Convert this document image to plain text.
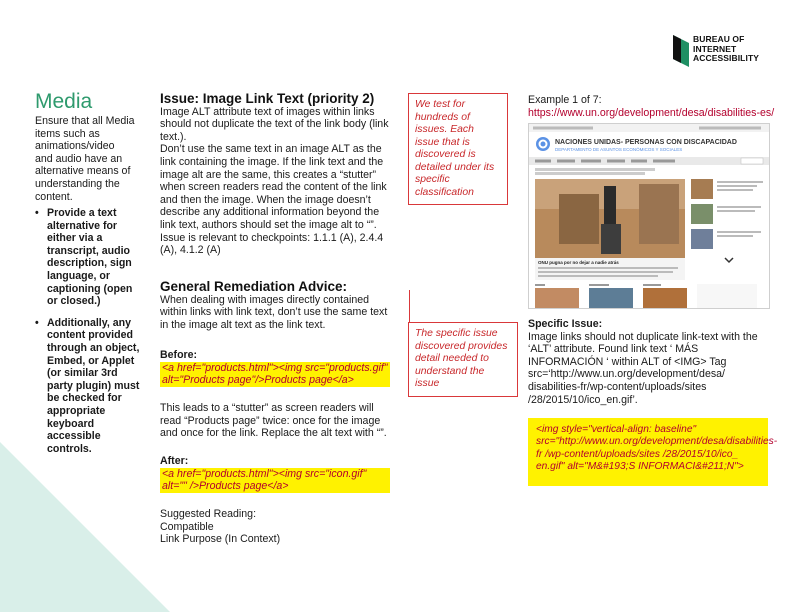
BUREAU OF
INTERNET
ACCESSIBILITY
Media
Ensure that all Media items such as animations/video and audio have an alternative means of understanding the content.
• Provide a text alternative for either via a transcript, audio description, sign language, or captioning (open or closed.)
• Additionally, any content provided through an object, Embed, or Applet (or similar 3rd party plugin) must be checked for appropriate keyboard accessible controls.
Issue: Image Link Text (priority 2)
Image ALT attribute text of images within links should not duplicate the text of the link body (link text.).
Don’t use the same text in an image ALT as the link containing the image. If the link text and the image alt are the same, this creates a “stutter” when screen readers read the content of the link and then the image. When the image doesn’t describe any additional information beyond the link text, authors should set the image alt to “”. Issue is relevant to checkpoints: 1.1.1 (A), 2.4.4 (A), 4.1.2 (A)
General Remediation Advice:
When dealing with images directly contained within links with link text, don’t use the same text in the image alt text as the link text.
Before:
<a href="products.html"><img src="products.gif" alt="Products page"/>Products page</a>
This leads to a “stutter” as screen readers will read “Products page” twice: once for the image and once for the link. Replace the alt text with “”.
After:
<a href="products.html"><img src="icon.gif" alt="" />Products page</a>
Suggested Reading:
Compatible
Link Purpose (In Context)
We test for hundreds of issues. Each issue that is discovered is detailed under its specific classification
The specific issue discovered provides detail needed to understand the issue
Example 1 of 7:
https://www.un.org/development/desa/disabilities-es/
NACIONES UNIDAS- PERSONAS CON DISCAPACIDAD
DEPARTAMENTO DE ASUNTOS ECONÓMICOS Y SOCIALES
ONU pugna por no dejar a nadie atrás
Specific Issue:
Image links should not duplicate link-text with the ‘ALT’ attribute. Found link text ‘ MÁS INFORMACIÓN ‘ within ALT of <IMG> Tag src=‘http://www.un.org/development/desa/ disabilities-fr/wp-content/uploads/sites /28/2015/10/ico_en.gif’.
<img style="vertical-align: baseline" src="http://www.un.org/development/desa/disabilities-fr /wp-content/uploads/sites /28/2015/10/ico_ en.gif" alt="M&#193;S INFORMACI&#211;N">
